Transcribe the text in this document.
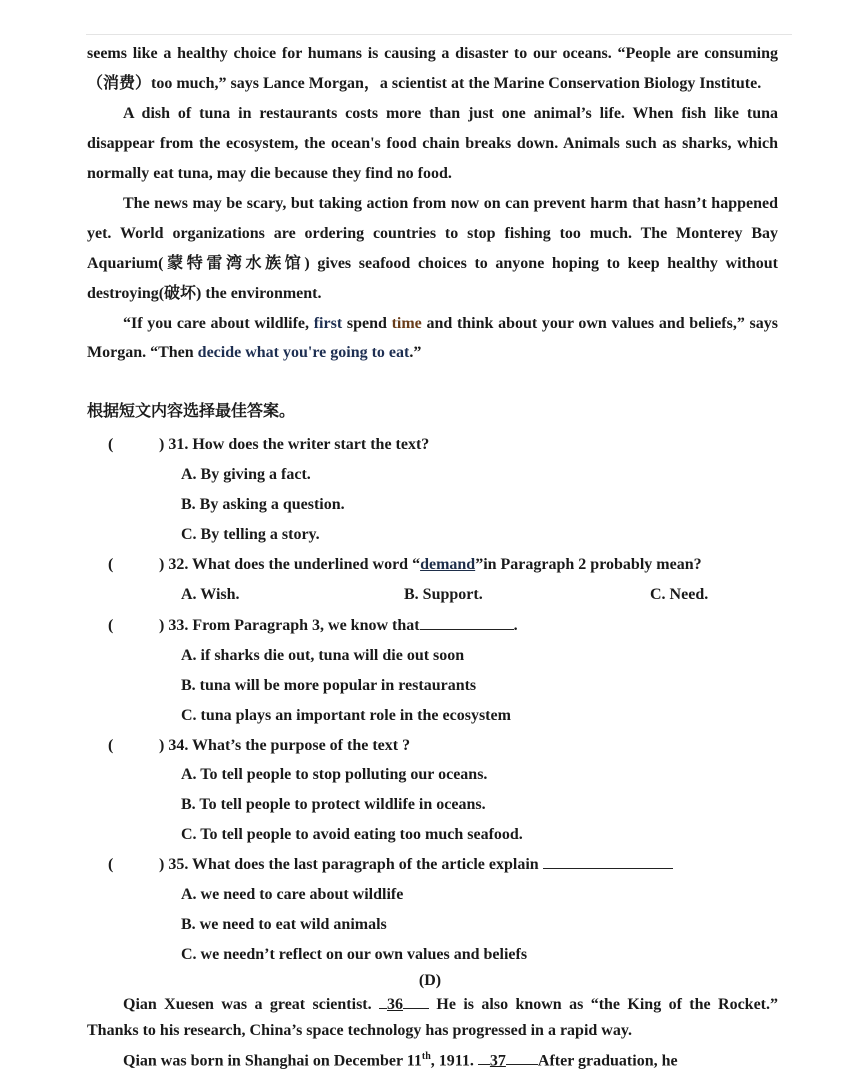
seems like a healthy choice for humans is causing a disaster to our oceans. “People are consuming（消费）too much,” says Lance Morgan，a scientist at the Marine Conservation Biology Institute.

A dish of tuna in restaurants costs more than just one animal’s life. When fish like tuna disappear from the ecosystem, the ocean's food chain breaks down. Animals such as sharks, which normally eat tuna, may die because they find no food.

The news may be scary, but taking action from now on can prevent harm that hasn’t happened yet. World organizations are ordering countries to stop fishing too much. The Monterey Bay Aquarium(蒙特雷湾水族馆) gives seafood choices to anyone hoping to keep healthy without destroying(破坏) the environment.

“If you care about wildlife, first spend time and think about your own values and beliefs,” says Morgan. “Then decide what you're going to eat.”

根据短文内容选择最佳答案。
(	) 31. How does the writer start the text?
A. By giving a fact.
B. By asking a question.
C. By telling a story.
(	) 32. What does the underlined word “demand”in Paragraph 2 probably mean?
A. Wish.	B. Support.	C. Need.
(	) 33. From Paragraph 3, we know that	.
A. if sharks die out, tuna will die out soon
B. tuna will be more popular in restaurants
C. tuna plays an important role in the ecosystem
(	) 34. What’s the purpose of the text ?
A. To tell people to stop polluting our oceans.
B. To tell people to protect wildlife in oceans.
C. To tell people to avoid eating too much seafood.
(	) 35. What does the last paragraph of the article explain
A. we need to care about wildlife
B. we need to eat wild animals
C. we needn’t reflect on our own values and beliefs
(D)

Qian Xuesen was a great scientist. 36 He is also known as “the King of the Rocket.” Thanks to his research, China’s space technology has progressed in a rapid way.

Qian was born in Shanghai on December 11th, 1911. 37 After graduation, he
